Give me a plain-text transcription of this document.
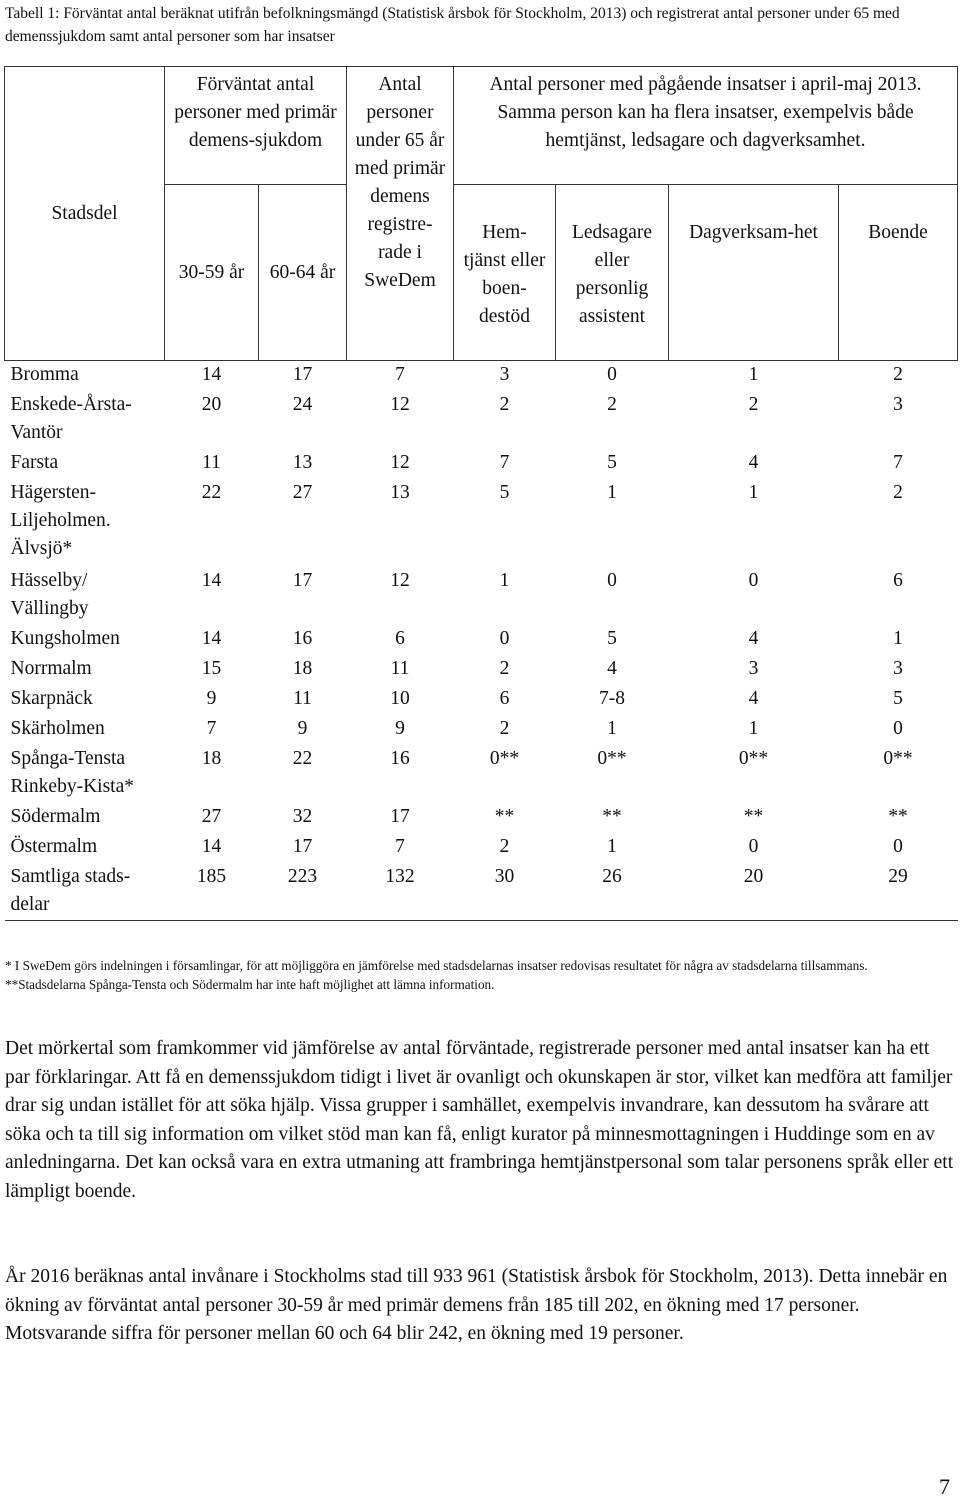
Tabell 1: Förväntat antal beräknat utifrån befolkningsmängd (Statistisk årsbok för Stockholm, 2013) och registrerat antal personer under 65 med demenssjukdom samt antal personer som har insatser
Stadsdel	Förväntat antal personer med primär demens-sjukdom		Antal personer under 65 år med primär demens registre-rade i SweDem	Antal personer med pågående insatser i april-maj 2013. Samma person kan ha flera insatser, exempelvis både hemtjänst, ledsagare och dagverksamhet.			
	30-59 år	60-64 år		Hem-tjänst eller boen-destöd	Ledsagare eller personlig assistent	Dagverksam-het	Boende
Bromma	14	17	7	3	0	1	2
Enskede-Årsta-Vantör	20	24	12	2	2	2	3
Farsta	11	13	12	7	5	4	7
Hägersten-Liljeholmen. Älvsjö*	22	27	13	5	1	1	2
Hässelby/ Vällingby	14	17	12	1	0	0	6
Kungsholmen	14	16	6	0	5	4	1
Norrmalm	15	18	11	2	4	3	3
Skarpnäck	9	11	10	6	7-8	4	5
Skärholmen	7	9	9	2	1	1	0
Spånga-Tensta Rinkeby-Kista*	18	22	16	0**	0**	0**	0**
Södermalm	27	32	17	**	**	**	**
Östermalm	14	17	7	2	1	0	0
Samtliga stads-delar	185	223	132	30	26	20	29

* I SweDem görs indelningen i församlingar, för att möjliggöra en jämförelse med stadsdelarnas insatser redovisas resultatet för några av stadsdelarna tillsammans.

**Stadsdelarna Spånga-Tensta och Södermalm har inte haft möjlighet att lämna information.

Det mörkertal som framkommer vid jämförelse av antal förväntade, registrerade personer med antal insatser kan ha ett par förklaringar. Att få en demenssjukdom tidigt i livet är ovanligt och okunskapen är stor, vilket kan medföra att familjer drar sig undan istället för att söka hjälp. Vissa grupper i samhället, exempelvis invandrare, kan dessutom ha svårare att söka och ta till sig information om vilket stöd man kan få, enligt kurator på minnesmottagningen i Huddinge som en av anledningarna. Det kan också vara en extra utmaning att frambringa hemtjänstpersonal som talar personens språk eller ett lämpligt boende.

År 2016 beräknas antal invånare i Stockholms stad till 933 961 (Statistisk årsbok för Stockholm, 2013). Detta innebär en ökning av förväntat antal personer 30-59 år med primär demens från 185 till 202, en ökning med 17 personer. Motsvarande siffra för personer mellan 60 och 64 blir 242, en ökning med 19 personer.

7
